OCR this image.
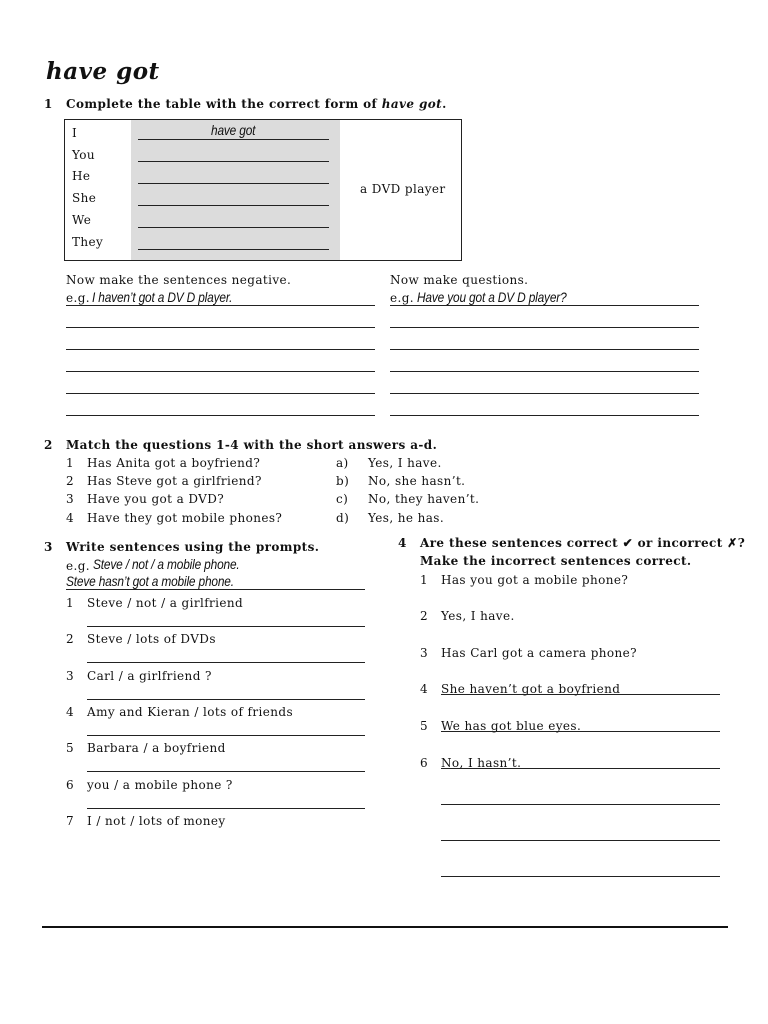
have got
1 Complete the table with the correct form of have got.
I
You
He
She
We
They
have got
a DVD player
Now make the sentences negative.
e.g. I haven’t got a DV D player.
Now make questions.
e.g. Have you got a DV D player?
2 Match the questions 1-4 with the short answers a-d.
1 Has Anita got a boyfriend?
2 Has Steve got a girlfriend?
3 Have you got a DVD?
4 Have they got mobile phones?
a) Yes, I have.
b) No, she hasn’t.
c) No, they haven’t.
d) Yes, he has.
3 Write sentences using the prompts.
e.g. Steve / not / a mobile phone.
Steve hasn’t got a mobile phone.
1 Steve / not / a girlfriend
2 Steve / lots of DVDs
3 Carl / a girlfriend ?
4 Amy and Kieran / lots of friends
5 Barbara / a boyfriend
6 you / a mobile phone ?
7 I / not / lots of money
4 Are these sentences correct ✔ or incorrect ✗?
Make the incorrect sentences correct.
1 Has you got a mobile phone?
2 Yes, I have.
3 Has Carl got a camera phone?
4 She haven’t got a boyfriend
5 We has got blue eyes.
6 No, I hasn’t.
